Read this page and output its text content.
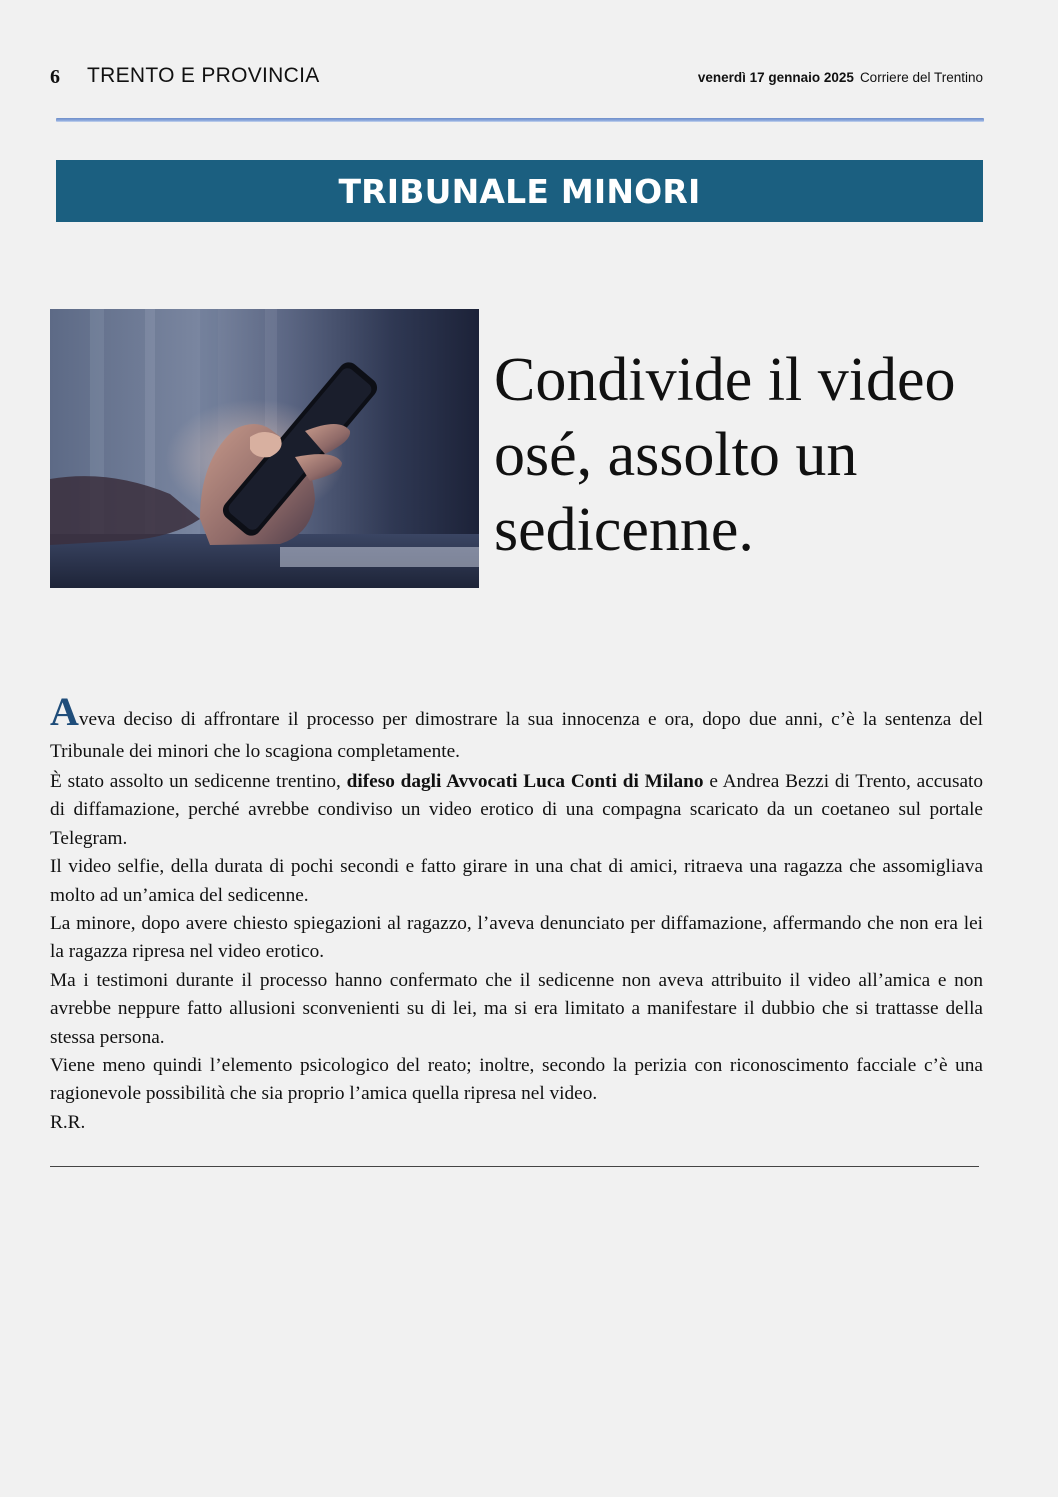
6 TRENTO E PROVINCIA	venerdì 17 gennaio 2025 Corriere del Trentino
TRIBUNALE MINORI
Condivide il video osé, assolto un sedicenne.

Aveva deciso di affrontare il processo per dimostrare la sua innocenza e ora, dopo due anni, c’è la sentenza del Tribunale dei minori che lo scagiona completamente.

È stato assolto un sedicenne trentino, difeso dagli Avvocati Luca Conti di Milano e Andrea Bezzi di Trento, accusato di diffamazione, perché avrebbe condiviso un video erotico di una compagna scaricato da un coetaneo sul portale Telegram.

Il video selfie, della durata di pochi secondi e fatto girare in una chat di amici, ritraeva una ragazza che assomigliava molto ad un’amica del sedicenne.

La minore, dopo avere chiesto spiegazioni al ragazzo, l’aveva denunciato per diffamazione, affermando che non era lei la ragazza ripresa nel video erotico.

Ma i testimoni durante il processo hanno confermato che il sedicenne non aveva attribuito il video all’amica e non avrebbe neppure fatto allusioni sconvenienti su di lei, ma si era limitato a manifestare il dubbio che si trattasse della stessa persona.

Viene meno quindi l’elemento psicologico del reato; inoltre, secondo la perizia con riconoscimento facciale c’è una ragionevole possibilità che sia proprio l’amica quella ripresa nel video.

R.R.
